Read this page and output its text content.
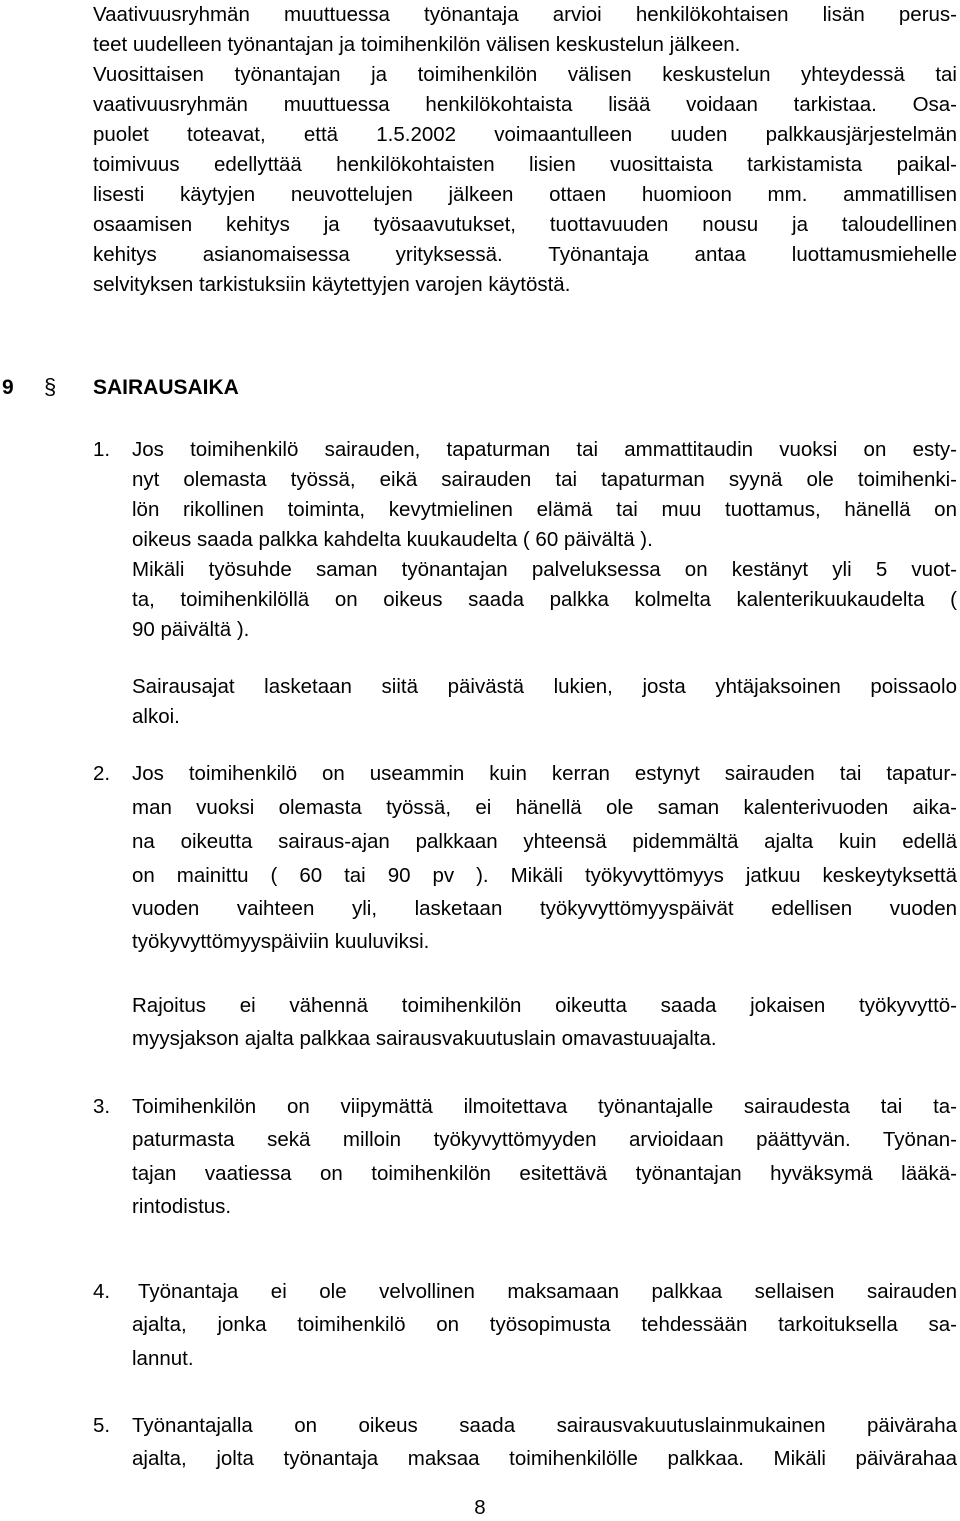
Vaativuusryhmän muuttuessa työnantaja arvioi henkilökohtaisen lisän perus-
teet uudelleen työnantajan ja toimihenkilön välisen keskustelun jälkeen.
Vuosittaisen työnantajan ja toimihenkilön välisen keskustelun yhteydessä tai
vaativuusryhmän muuttuessa henkilökohtaista lisää voidaan tarkistaa. Osa-
puolet toteavat, että 1.5.2002 voimaantulleen uuden palkkausjärjestelmän
toimivuus edellyttää henkilökohtaisten lisien vuosittaista tarkistamista paikal-
lisesti käytyjen neuvottelujen jälkeen ottaen huomioon mm. ammatillisen
osaamisen kehitys ja työsaavutukset, tuottavuuden nousu ja taloudellinen
kehitys asianomaisessa yrityksessä. Työnantaja antaa luottamusmiehelle
selvityksen tarkistuksiin käytettyjen varojen käytöstä.
9 § SAIRAUSAIKA
1. Jos toimihenkilö sairauden, tapaturman tai ammattitaudin vuoksi on esty-
nyt olemasta työssä, eikä sairauden tai tapaturman syynä ole toimihenki-
lön rikollinen toiminta, kevytmielinen elämä tai muu tuottamus, hänellä on
oikeus saada palkka kahdelta kuukaudelta ( 60 päivältä ).
Mikäli työsuhde saman työnantajan palveluksessa on kestänyt yli 5 vuot-
ta, toimihenkilöllä on oikeus saada palkka kolmelta kalenterikuukaudelta (
90 päivältä ).
Sairausajat lasketaan siitä päivästä lukien, josta yhtäjaksoinen poissaolo
alkoi.
2. Jos toimihenkilö on useammin kuin kerran estynyt sairauden tai tapatur-
man vuoksi olemasta työssä, ei hänellä ole saman kalenterivuoden aika-
na oikeutta sairaus-ajan palkkaan yhteensä pidemmältä ajalta kuin edellä
on mainittu ( 60 tai 90 pv ). Mikäli työkyvyttömyys jatkuu keskeytyksettä
vuoden vaihteen yli, lasketaan työkyvyttömyyspäivät edellisen vuoden
työkyvyttömyyspäiviin kuuluviksi.
Rajoitus ei vähennä toimihenkilön oikeutta saada jokaisen työkyvyttö-
myysjakson ajalta palkkaa sairausvakuutuslain omavastuuajalta.
3. Toimihenkilön on viipymättä ilmoitettava työnantajalle sairaudesta tai ta-
paturmasta sekä milloin työkyvyttömyyden arvioidaan päättyvän. Työnan-
tajan vaatiessa on toimihenkilön esitettävä työnantajan hyväksymä lääkä-
rintodistus.
4. Työnantaja ei ole velvollinen maksamaan palkkaa sellaisen sairauden
ajalta, jonka toimihenkilö on työsopimusta tehdessään tarkoituksella sa-
lannut.
5. Työnantajalla on oikeus saada sairausvakuutuslainmukainen päiväraha
ajalta, jolta työnantaja maksaa toimihenkilölle palkkaa. Mikäli päivärahaa
8
